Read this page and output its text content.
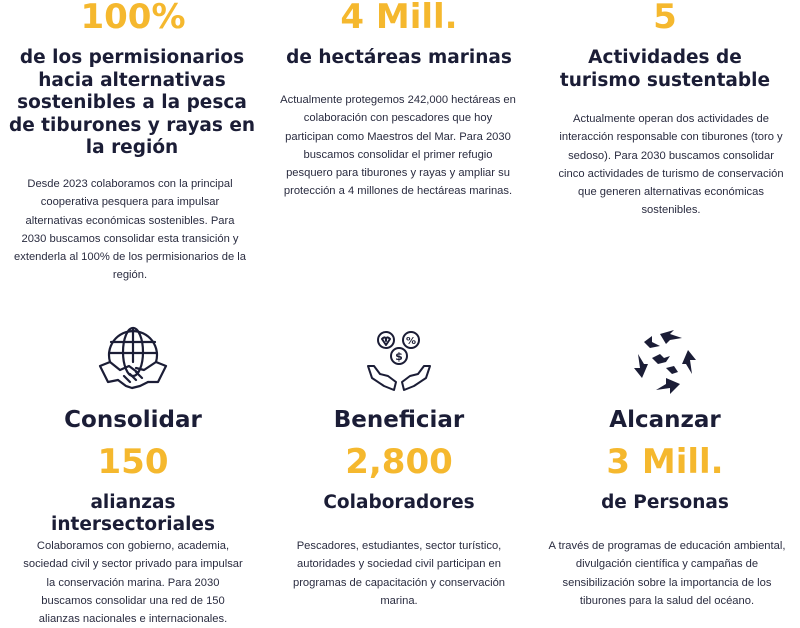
100%
de los permisionarios hacia alternativas sostenibles a la pesca de tiburones y rayas en la región
Desde 2023 colaboramos con la principal cooperativa pesquera para impulsar alternativas económicas sostenibles. Para 2030 buscamos consolidar esta transición y extenderla al 100% de los permisionarios de la región.
4 Mill.
de hectáreas marinas
Actualmente protegemos 242,000 hectáreas en colaboración con pescadores que hoy participan como Maestros del Mar. Para 2030 buscamos consolidar el primer refugio pesquero para tiburones y rayas y ampliar su protección a 4 millones de hectáreas marinas.
5
Actividades de turismo sustentable
Actualmente operan dos actividades de interacción responsable con tiburones (toro y sedoso). Para 2030 buscamos consolidar cinco actividades de turismo de conservación que generen alternativas económicas sostenibles.
Consolidar
150
alianzas intersectoriales
Colaboramos con gobierno, academia, sociedad civil y sector privado para impulsar la conservación marina. Para 2030 buscamos consolidar una red de 150 alianzas nacionales e internacionales.
%
$
Beneficiar
2,800
Colaboradores
Pescadores, estudiantes, sector turístico, autoridades y sociedad civil participan en programas de capacitación y conservación marina.
Alcanzar
3 Mill.
de Personas
A través de programas de educación ambiental, divulgación científica y campañas de sensibilización sobre la importancia de los tiburones para la salud del océano.
